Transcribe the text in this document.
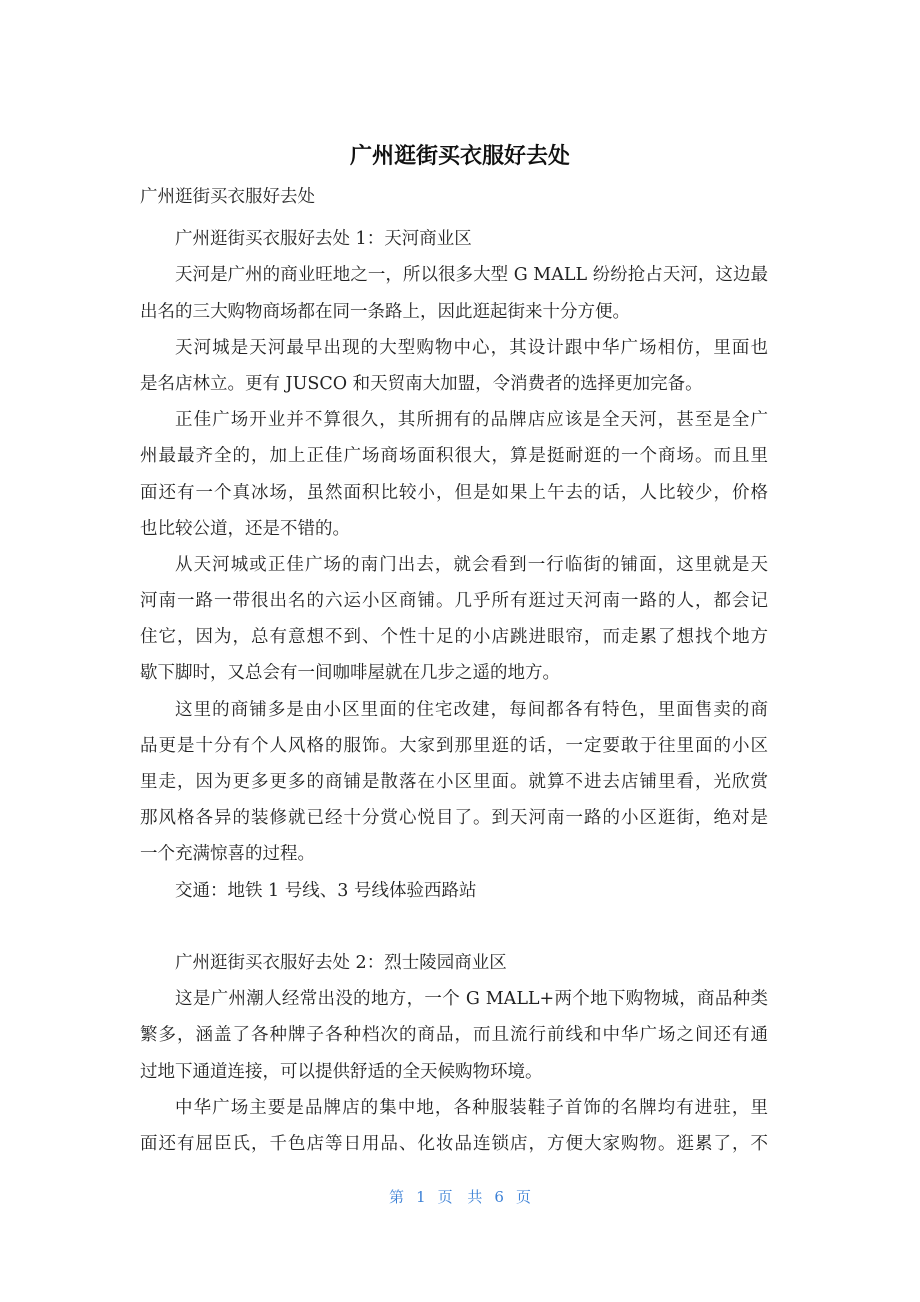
广州逛街买衣服好去处
广州逛街买衣服好去处
广州逛街买衣服好去处 1：天河商业区
天河是广州的商业旺地之一，所以很多大型 G MALL 纷纷抢占天河，这边最
出名的三大购物商场都在同一条路上，因此逛起街来十分方便。
天河城是天河最早出现的大型购物中心，其设计跟中华广场相仿，里面也
是名店林立。更有 JUSCO 和天贸南大加盟，令消费者的选择更加完备。
正佳广场开业并不算很久，其所拥有的品牌店应该是全天河，甚至是全广
州最最齐全的，加上正佳广场商场面积很大，算是挺耐逛的一个商场。而且里
面还有一个真冰场，虽然面积比较小，但是如果上午去的话，人比较少，价格
也比较公道，还是不错的。
从天河城或正佳广场的南门出去，就会看到一行临街的铺面，这里就是天
河南一路一带很出名的六运小区商铺。几乎所有逛过天河南一路的人，都会记
住它，因为，总有意想不到、个性十足的小店跳进眼帘，而走累了想找个地方
歇下脚时，又总会有一间咖啡屋就在几步之遥的地方。
这里的商铺多是由小区里面的住宅改建，每间都各有特色，里面售卖的商
品更是十分有个人风格的服饰。大家到那里逛的话，一定要敢于往里面的小区
里走，因为更多更多的商铺是散落在小区里面。就算不进去店铺里看，光欣赏
那风格各异的装修就已经十分赏心悦目了。到天河南一路的小区逛街，绝对是
一个充满惊喜的过程。
交通：地铁 1 号线、3 号线体验西路站
广州逛街买衣服好去处 2：烈士陵园商业区
这是广州潮人经常出没的地方，一个 G MALL+两个地下购物城，商品种类
繁多，涵盖了各种牌子各种档次的商品，而且流行前线和中华广场之间还有通
过地下通道连接，可以提供舒适的全天候购物环境。
中华广场主要是品牌店的集中地，各种服装鞋子首饰的名牌均有进驻，里
面还有屈臣氏，千色店等日用品、化妆品连锁店，方便大家购物。逛累了，不
第 1 页 共 6 页
